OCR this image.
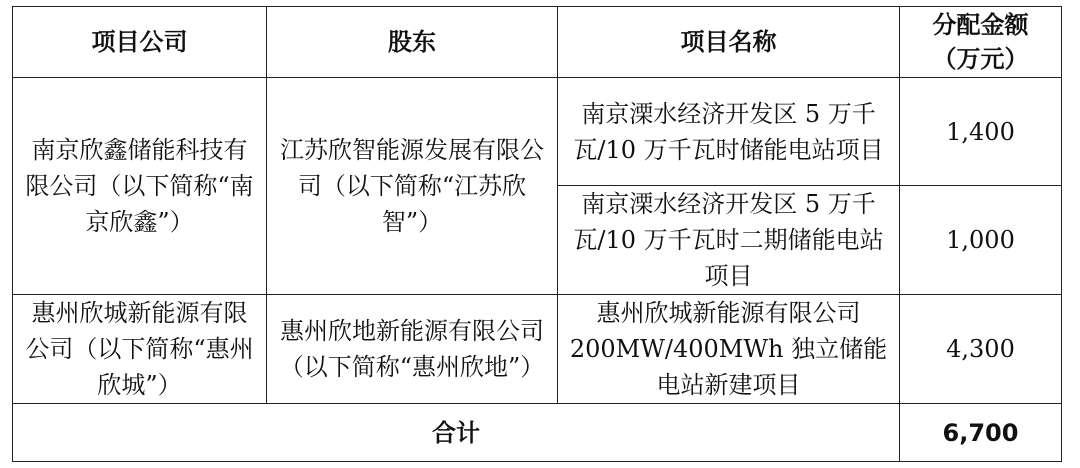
项目公司	股东	项目名称	分配金额（万元）
南京欣鑫储能科技有限公司（以下简称“南京欣鑫”）	江苏欣智能源发展有限公司（以下简称“江苏欣智”）	南京溧水经济开发区 5 万千瓦/10 万千瓦时储能电站项目	1,400
		南京溧水经济开发区 5 万千瓦/10 万千瓦时二期储能电站项目	1,000
惠州欣城新能源有限公司（以下简称“惠州欣城”）	惠州欣地新能源有限公司（以下简称“惠州欣地”）	惠州欣城新能源有限公司 200MW/400MWh 独立储能电站新建项目	4,300
合计			6,700
